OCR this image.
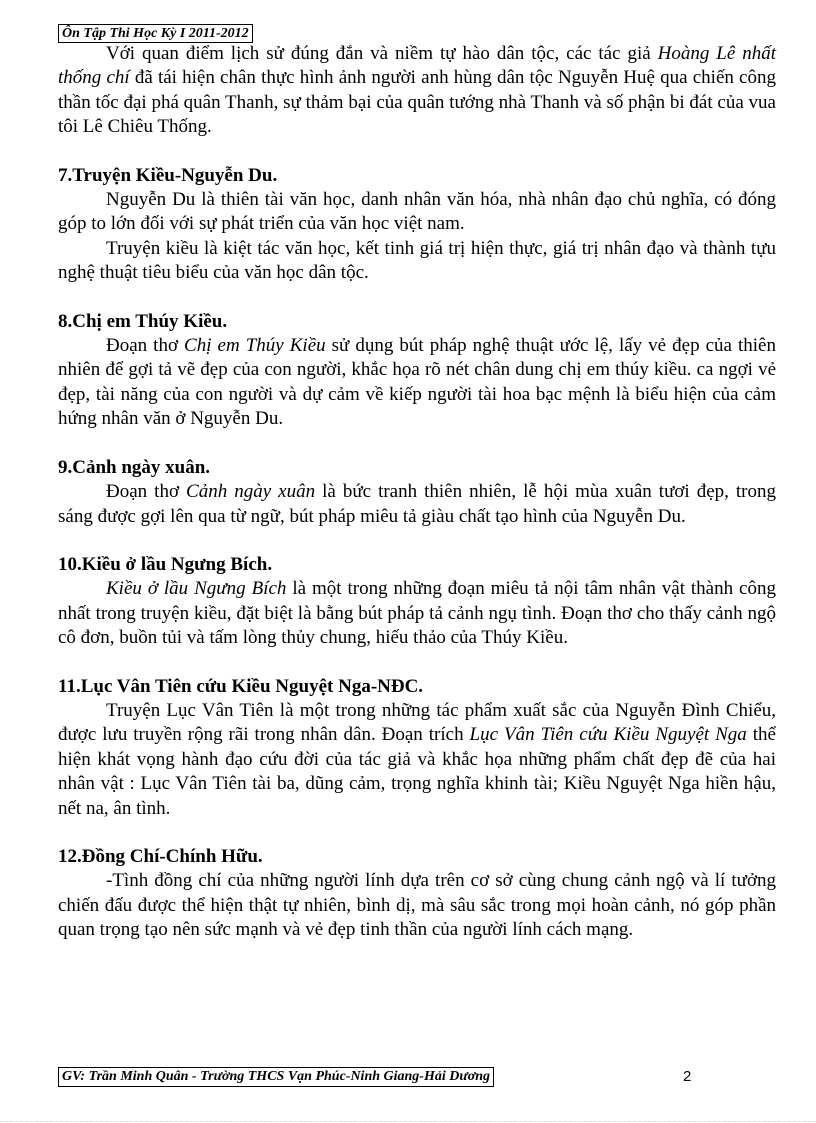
Ôn Tập Thi Học Kỳ I 2011-2012

Với quan điểm lịch sử đúng đắn và niềm tự hào dân tộc, các tác giả Hoàng Lê nhất thống chí đã tái hiện chân thực hình ảnh người anh hùng dân tộc Nguyễn Huệ qua chiến công thần tốc đại phá quân Thanh, sự thảm bại của quân tướng nhà Thanh và số phận bi đát của vua tôi Lê Chiêu Thống.

7.Truyện Kiều-Nguyễn Du.

Nguyễn Du là thiên tài văn học, danh nhân văn hóa, nhà nhân đạo chủ nghĩa, có đóng góp to lớn đối với sự phát triển của văn học việt nam.

Truyện kiều là kiệt tác văn học, kết tinh giá trị hiện thực, giá trị nhân đạo và thành tựu nghệ thuật tiêu biểu của văn học dân tộc.

8.Chị em Thúy Kiều.

Đoạn thơ Chị em Thúy Kiều sử dụng bút pháp nghệ thuật ước lệ, lấy vẻ đẹp của thiên nhiên để gợi tả vẽ đẹp của con người, khắc họa rõ nét chân dung chị em thúy kiều. ca ngợi vẻ đẹp, tài năng của con người và dự cảm về kiếp người tài hoa bạc mệnh là biểu hiện của cảm hứng nhân văn ở Nguyễn Du.

9.Cảnh ngày xuân.

Đoạn thơ Cảnh ngày xuân là bức tranh thiên nhiên, lễ hội mùa xuân tươi đẹp, trong sáng được gợi lên qua từ ngữ, bút pháp miêu tả giàu chất tạo hình của Nguyễn Du.

10.Kiều ở lầu Ngưng Bích.

Kiều ở lầu Ngưng Bích là một trong những đoạn miêu tả nội tâm nhân vật thành công nhất trong truyện kiều, đặt biệt là bằng bút pháp tả cảnh ngụ tình. Đoạn thơ cho thấy cảnh ngộ cô đơn, buồn tủi và tấm lòng thủy chung, hiếu thảo của Thúy Kiều.

11.Lục Vân Tiên cứu Kiều Nguyệt Nga-NĐC.

Truyện Lục Vân Tiên là một trong những tác phẩm xuất sắc của Nguyễn Đình Chiểu, được lưu truyền rộng rãi trong nhân dân. Đoạn trích Lục Vân Tiên cứu Kiều Nguyệt Nga thể hiện khát vọng hành đạo cứu đời của tác giả và khắc họa những phẩm chất đẹp đẽ của hai nhân vật : Lục Vân Tiên tài ba, dũng cảm, trọng nghĩa khinh tài; Kiều Nguyệt Nga hiền hậu, nết na, ân tình.

12.Đồng Chí-Chính Hữu.

-Tình đồng chí của những người lính dựa trên cơ sở cùng chung cảnh ngộ và lí tưởng chiến đấu được thể hiện thật tự nhiên, bình dị, mà sâu sắc trong mọi hoàn cảnh, nó góp phần quan trọng tạo nên sức mạnh và vẻ đẹp tinh thần của người lính cách mạng.

GV: Trần Minh Quân - Trường THCS Vạn Phúc-Ninh Giang-Hải Dương	2
